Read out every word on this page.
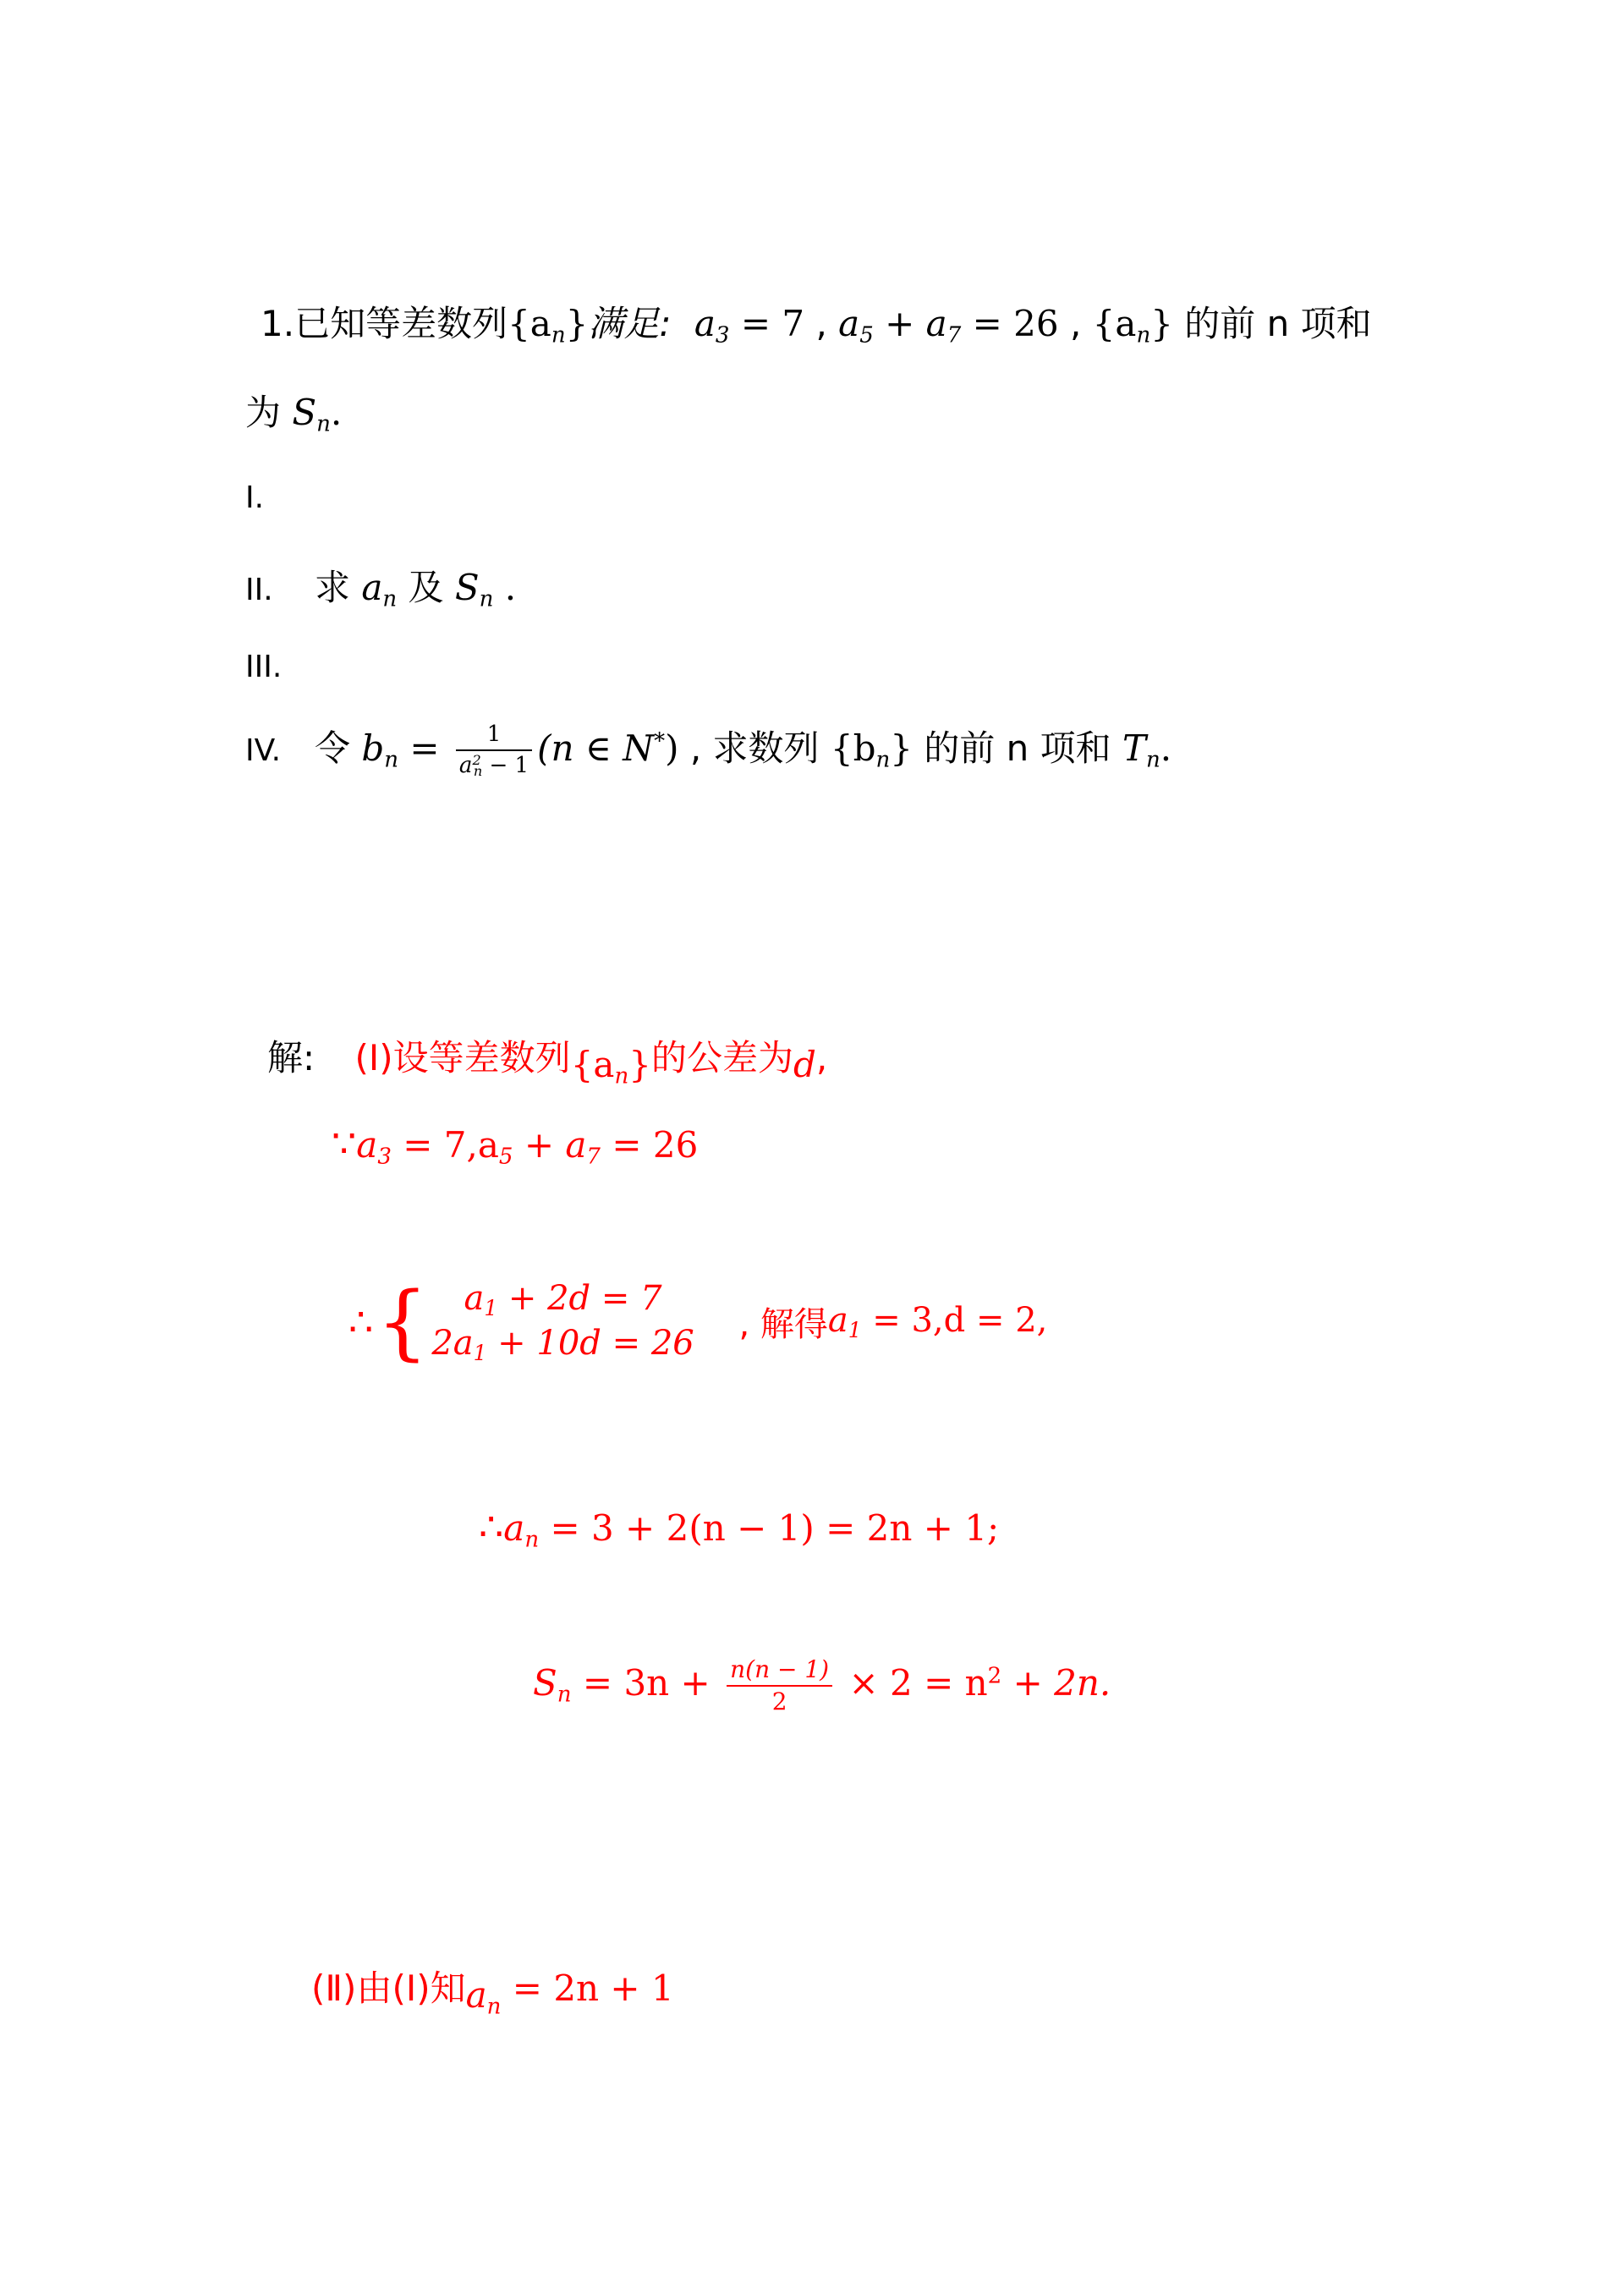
1.已知等差数列$\{a_n\}$满足: $a_3 = 7$ , $a_5 + a_7 = 26$ , $\{a_n\}$ 的前 n 项和
为 $S_n$.
I.
II. 求 $a_n$ 及 $S_n$ .
III.
IV. 令 $b_n = \frac{1}{a^2_n - 1} (n$ ∈ N*) , 求数列 $\{b_n\}$ 的前 n 项和 $T_n$.
解: (Ⅰ)设等差数列$\{a_n\}$的公差为d,
$\because a_3 = 7,a_5 + a_7 = 26$
∴ { $a_1 + 2d = 7$
$2a_1 + 10d = 26$ , 解得$a_1 = 3,d = 2$,
$\therefore a_n = 3 + 2(n - 1) = 2n + 1$;
$S_n = 3n + \frac{n(n - 1)}{2} \times 2 = n^2 + 2n$.
(Ⅱ)由(Ⅰ)知$a_n = 2n + 1$
